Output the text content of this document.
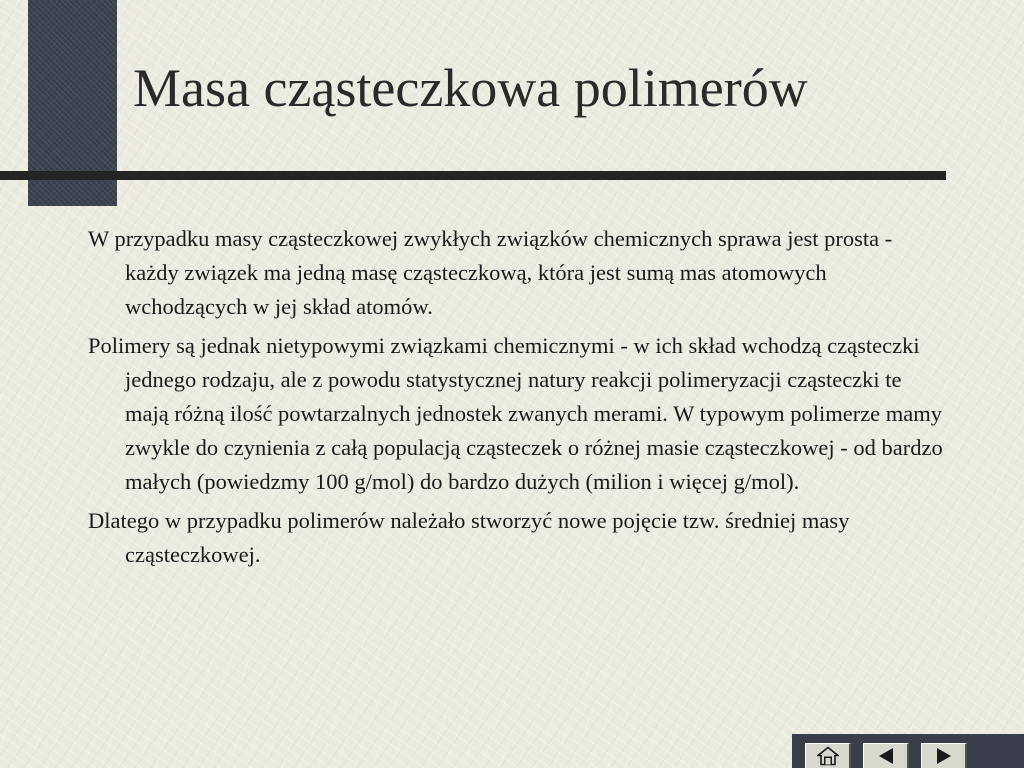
Masa cząsteczkowa polimerów

W przypadku masy cząsteczkowej zwykłych związków chemicznych sprawa jest prosta - każdy związek ma jedną masę cząsteczkową, która jest sumą mas atomowych wchodzących w jej skład atomów.

Polimery są jednak nietypowymi związkami chemicznymi - w ich skład wchodzą cząsteczki jednego rodzaju, ale z powodu statystycznej natury reakcji polimeryzacji cząsteczki te mają różną ilość powtarzalnych jednostek zwanych merami. W typowym polimerze mamy zwykle do czynienia z całą populacją cząsteczek o różnej masie cząsteczkowej - od bardzo małych (powiedzmy 100 g/mol) do bardzo dużych (milion i więcej g/mol).

Dlatego w przypadku polimerów należało stworzyć nowe pojęcie tzw. średniej masy cząsteczkowej.
